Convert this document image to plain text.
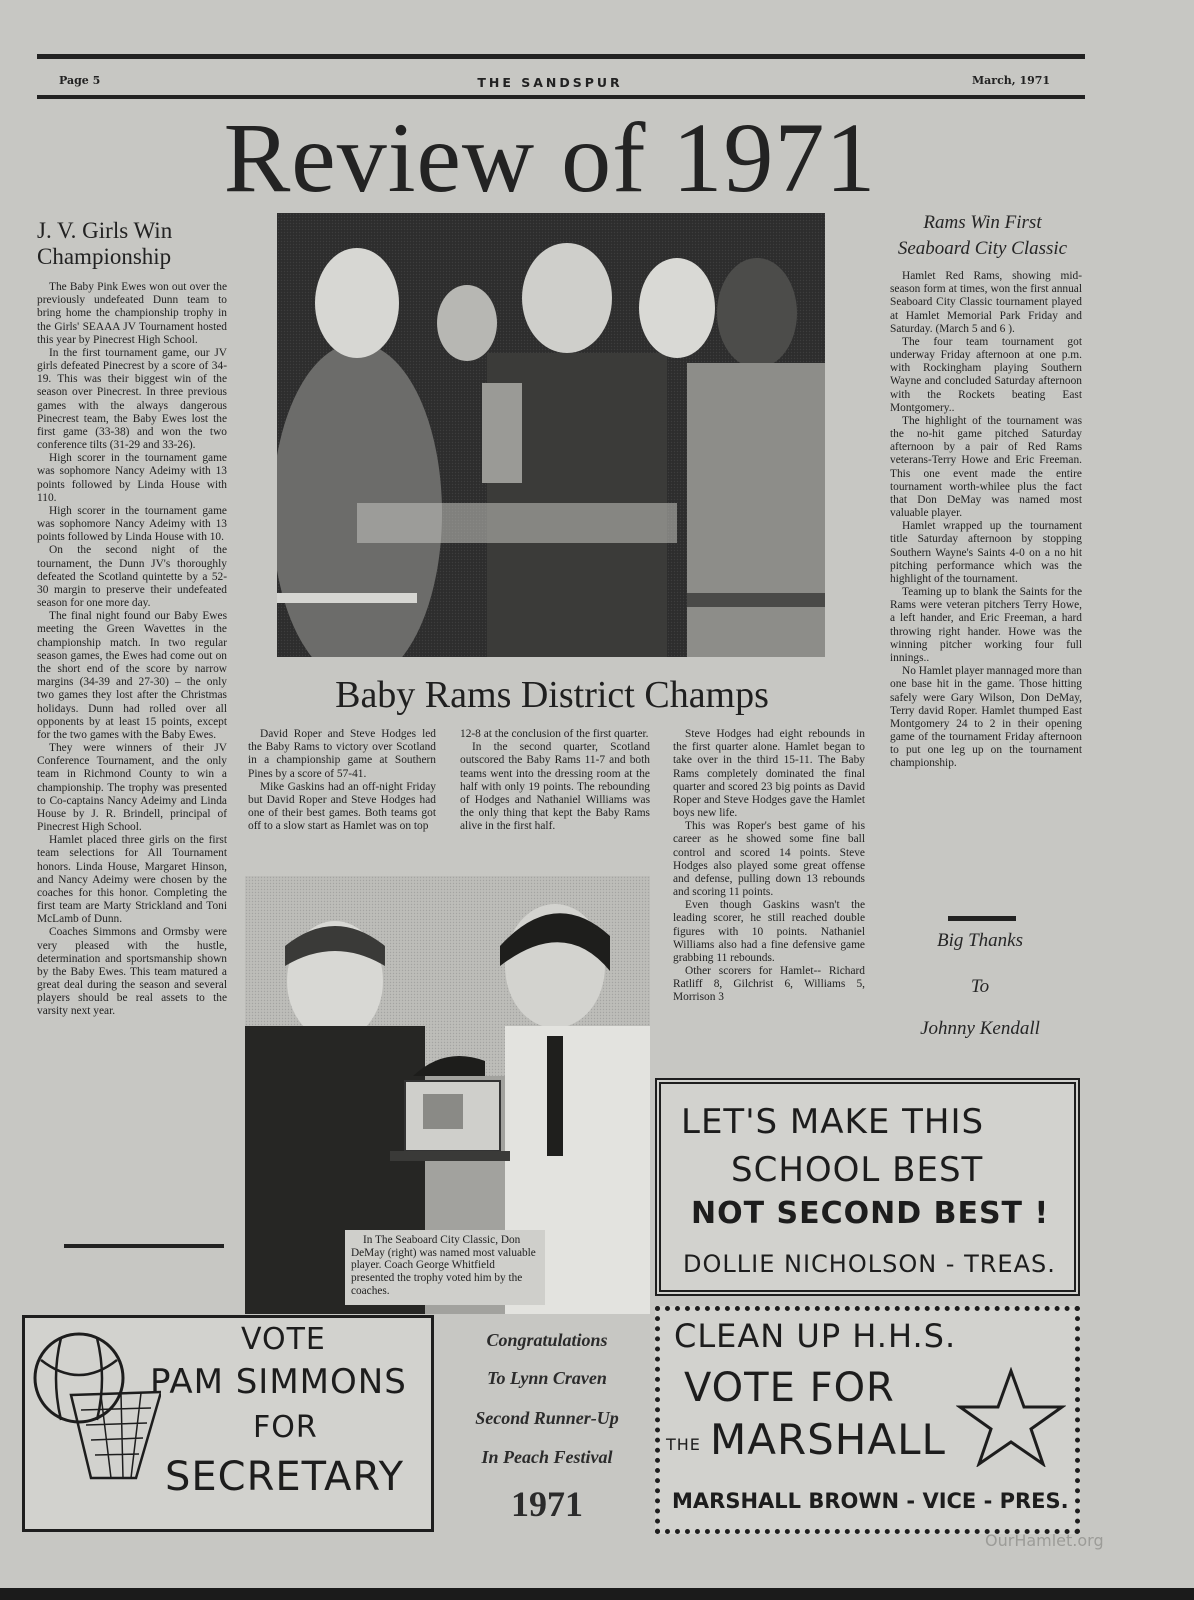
Page 5	THE SANDSPUR	March, 1971
Review of 1971
J. V. Girls Win
Championship

The Baby Pink Ewes won out over the previously undefeated Dunn team to bring home the championship trophy in the Girls' SEAAA JV Tournament hosted this year by Pinecrest High School.

In the first tournament game, our JV girls defeated Pinecrest by a score of 34-19. This was their biggest win of the season over Pinecrest. In three previous games with the always dangerous Pinecrest team, the Baby Ewes lost the first game (33-38) and won the two conference tilts (31-29 and 33-26).

High scorer in the tournament game was sophomore Nancy Adeimy with 13 points followed by Linda House with 110.

High scorer in the tournament game was sophomore Nancy Adeimy with 13 points followed by Linda House with 10.

On the second night of the tournament, the Dunn JV's thoroughly defeated the Scotland quintette by a 52-30 margin to preserve their undefeated season for one more day.

The final night found our Baby Ewes meeting the Green Wavettes in the championship match. In two regular season games, the Ewes had come out on the short end of the score by narrow margins (34-39 and 27-30) – the only two games they lost after the Christmas holidays. Dunn had rolled over all opponents by at least 15 points, except for the two games with the Baby Ewes.

They were winners of their JV Conference Tournament, and the only team in Richmond County to win a championship. The trophy was presented to Co-captains Nancy Adeimy and Linda House by J. R. Brindell, principal of Pinecrest High School.

Hamlet placed three girls on the first team selections for All Tournament honors. Linda House, Margaret Hinson, and Nancy Adeimy were chosen by the coaches for this honor. Completing the first team are Marty Strickland and Toni McLamb of Dunn.

Coaches Simmons and Ormsby were very pleased with the hustle, determination and sportsmanship shown by the Baby Ewes. This team matured a great deal during the season and several players should be real assets to the varsity next year.

Baby Rams District Champs

David Roper and Steve Hodges led the Baby Rams to victory over Scotland in a championship game at Southern Pines by a score of 57-41.

Mike Gaskins had an off-night Friday but David Roper and Steve Hodges had one of their best games. Both teams got off to a slow start as Hamlet was on top

12-8 at the conclusion of the first quarter.

In the second quarter, Scotland outscored the Baby Rams 11-7 and both teams went into the dressing room at the half with only 19 points. The rebounding of Hodges and Nathaniel Williams was the only thing that kept the Baby Rams alive in the first half.

Steve Hodges had eight rebounds in the first quarter alone. Hamlet began to take over in the third 15-11. The Baby Rams completely dominated the final quarter and scored 23 big points as David Roper and Steve Hodges gave the Hamlet boys new life.

This was Roper's best game of his career as he showed some fine ball control and scored 14 points. Steve Hodges also played some great offense and defense, pulling down 13 rebounds and scoring 11 points.

Even though Gaskins wasn't the leading scorer, he still reached double figures with 10 points. Nathaniel Williams also had a fine defensive game grabbing 11 rebounds.

Other scorers for Hamlet-- Richard Ratliff 8, Gilchrist 6, Williams 5, Morrison 3

In The Seaboard City Classic, Don DeMay (right) was named most valuable player. Coach George Whitfield presented the trophy voted him by the coaches.

Rams Win First
Seaboard City Classic

Hamlet Red Rams, showing mid-season form at times, won the first annual Seaboard City Classic tournament played at Hamlet Memorial Park Friday and Saturday. (March 5 and 6 ).

The four team tournament got underway Friday afternoon at one p.m. with Rockingham playing Southern Wayne and concluded Saturday afternoon with the Rockets beating East Montgomery..

The highlight of the tournament was the no-hit game pitched Saturday afternoon by a pair of Red Rams veterans-Terry Howe and Eric Freeman. This one event made the entire tournament worth-whilee plus the fact that Don DeMay was named most valuable player.

Hamlet wrapped up the tournament title Saturday afternoon by stopping Southern Wayne's Saints 4-0 on a no hit pitching performance which was the highlight of the tournament.

Teaming up to blank the Saints for the Rams were veteran pitchers Terry Howe, a left hander, and Eric Freeman, a hard throwing right hander. Howe was the winning pitcher working four full innings..

No Hamlet player mannaged more than one base hit in the game. Those hitting safely were Gary Wilson, Don DeMay, Terry david Roper. Hamlet thumped East Montgomery 24 to 2 in their opening game of the tournament Friday afternoon to put one leg up on the tournament championship.

Big Thanks
To
Johnny Kendall
LET'S MAKE THIS
SCHOOL BEST
NOT SECOND BEST !
DOLLIE NICHOLSON - TREAS.
VOTE
PAM SIMMONS
FOR
SECRETARY
Congratulations
To Lynn Craven
Second Runner-Up
In Peach Festival
1971
CLEAN UP H.H.S.
VOTE FOR
THE MARSHALL
MARSHALL BROWN - VICE - PRES.
OurHamlet.org
